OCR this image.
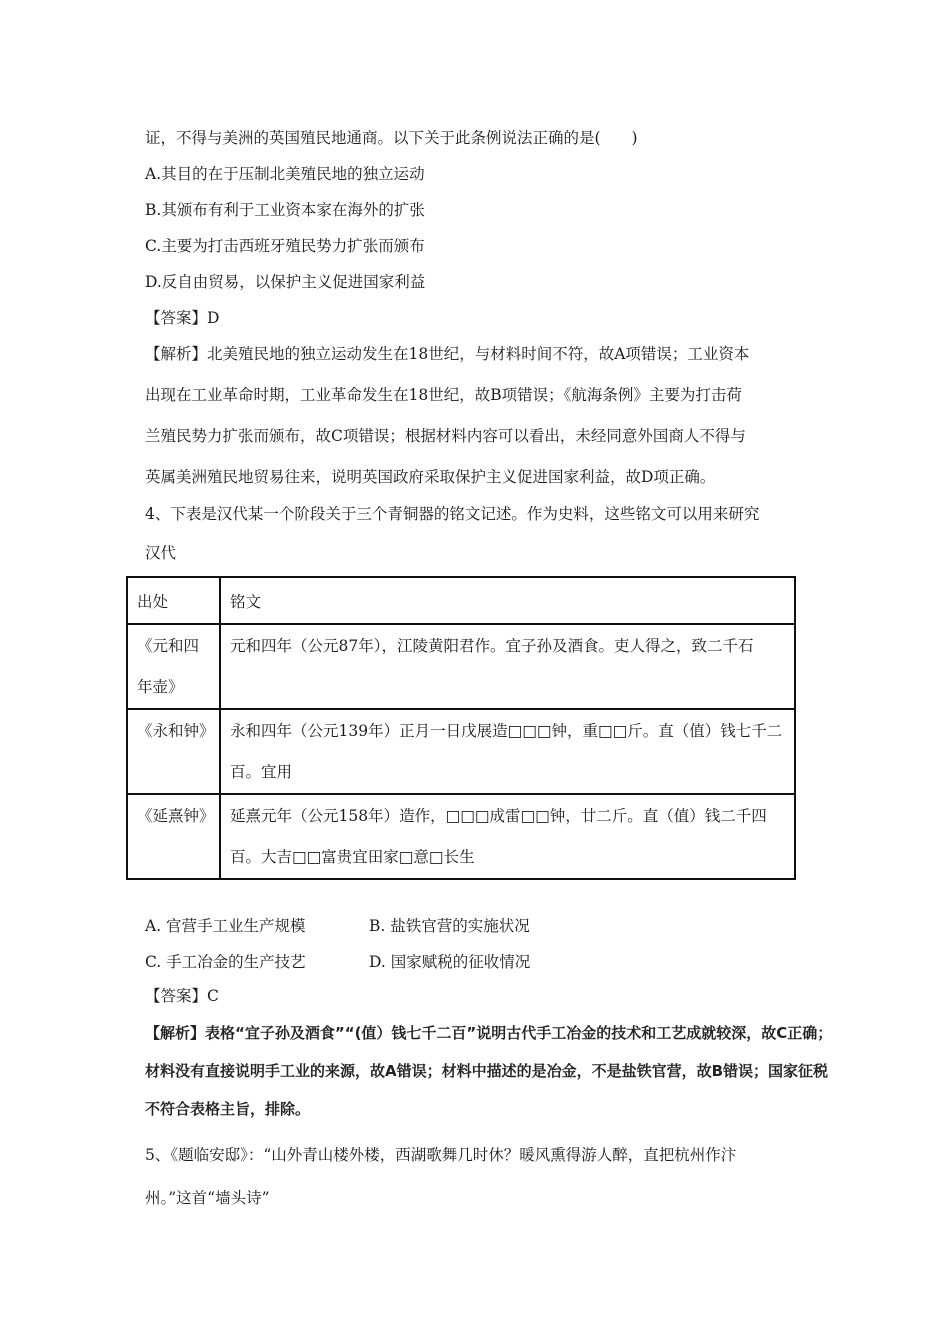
证，不得与美洲的英国殖民地通商。以下关于此条例说法正确的是(　　)
A.其目的在于压制北美殖民地的独立运动
B.其颁布有利于工业资本家在海外的扩张
C.主要为打击西班牙殖民势力扩张而颁布
D.反自由贸易，以保护主义促进国家利益
【答案】D
【解析】北美殖民地的独立运动发生在18世纪，与材料时间不符，故A项错误；工业资本
出现在工业革命时期，工业革命发生在18世纪，故B项错误；《航海条例》主要为打击荷
兰殖民势力扩张而颁布，故C项错误；根据材料内容可以看出，未经同意外国商人不得与
英属美洲殖民地贸易往来，说明英国政府采取保护主义促进国家利益，故D项正确。
4、下表是汉代某一个阶段关于三个青铜器的铭文记述。作为史料，这些铭文可以用来研究
汉代
出处	铭文
《元和四年壶》	元和四年（公元87年），江陵黄阳君作。宜子孙及酒食。吏人得之，致二千石
《永和钟》	永和四年（公元139年）正月一日戊展造□□□钟，重□□斤。直（值）钱七千二百。宜用
《延熹钟》	延熹元年（公元158年）造作，□□□成雷□□钟，廿二斤。直（值）钱二千四百。大吉□□富贵宜田家□意□长生
A. 官营手工业生产规模	B. 盐铁官营的实施状况
C. 手工冶金的生产技艺	D. 国家赋税的征收情况
【答案】C
【解析】表格“宜子孙及酒食”“(值）钱七千二百”说明古代手工冶金的技术和工艺成就较深，故C正确；
材料没有直接说明手工业的来源，故A错误；材料中描述的是冶金，不是盐铁官营，故B错误；国家征税
不符合表格主旨，排除。
5、《题临安邸》：“山外青山楼外楼，西湖歌舞几时休？暖风熏得游人醉，直把杭州作汴
州。”这首“墙头诗”
